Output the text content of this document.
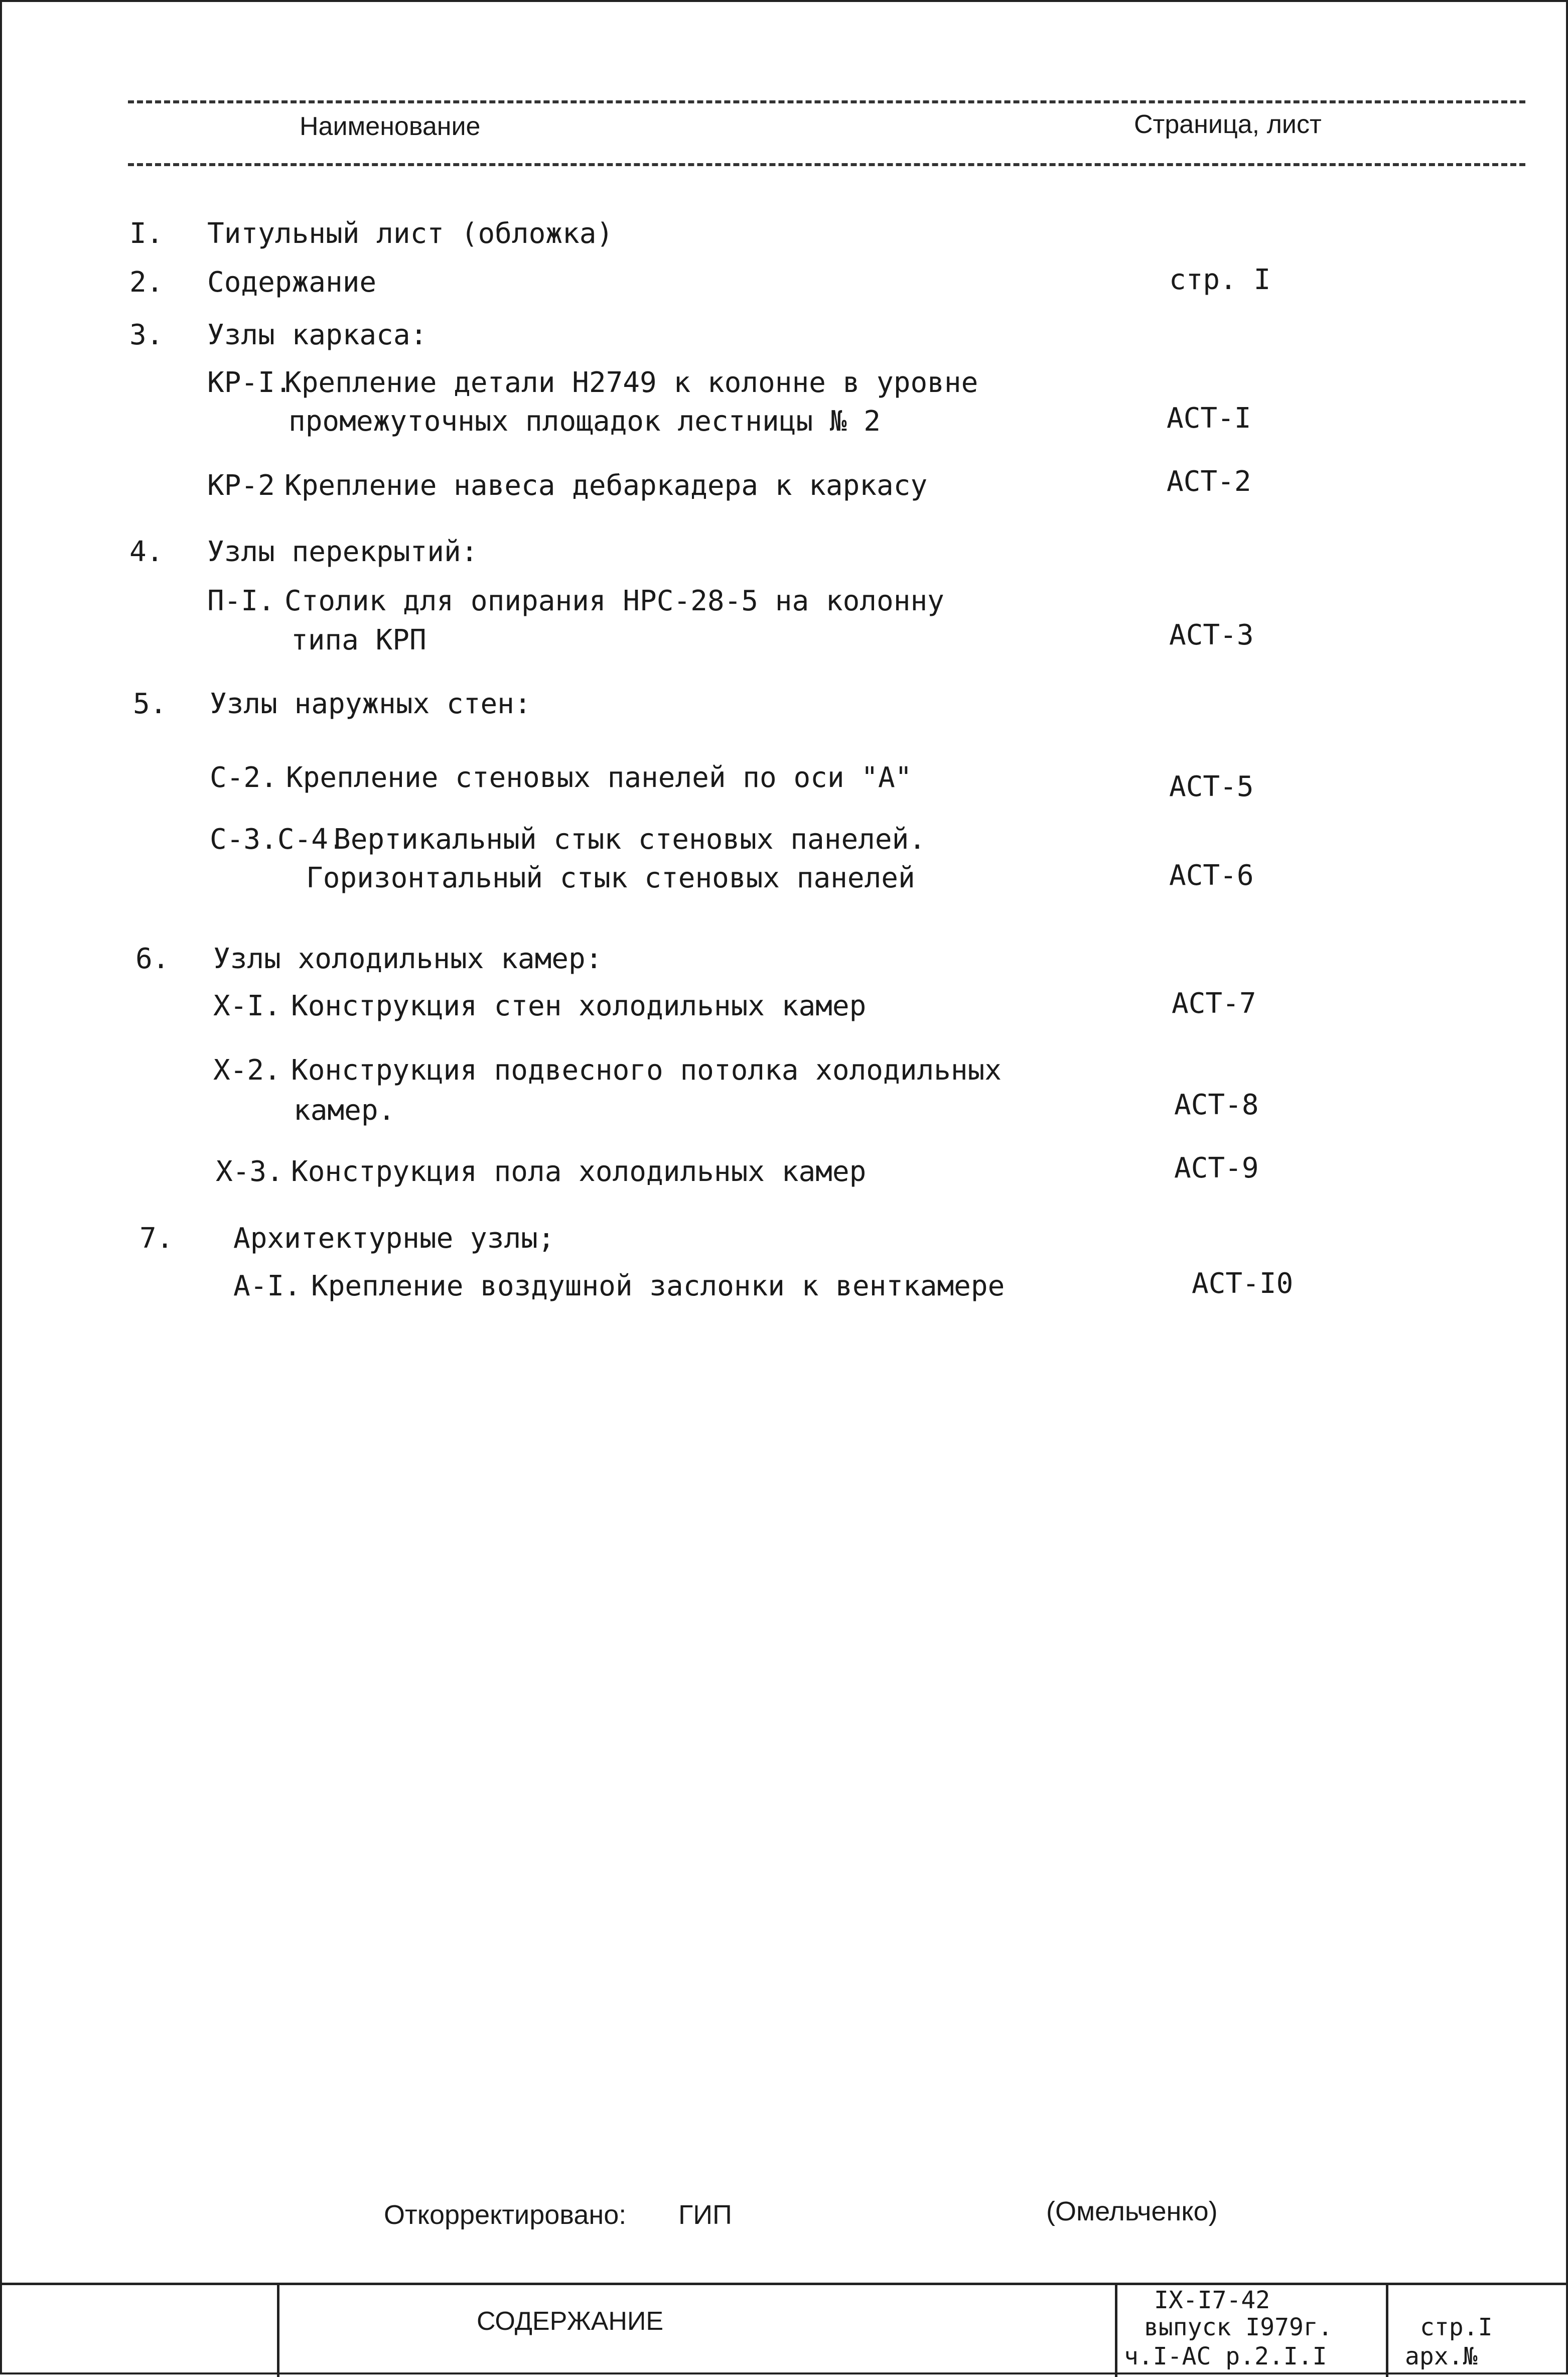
Наименование	Страница, лист
I. Титульный лист (обложка)
2. Содержание	стр. I
3. Узлы каркаса:
КР-I.
Крепление детали Н2749 к колонне в уровне
промежуточных площадок лестницы № 2	АСТ-I
КР-2 Крепление навеса дебаркадера к каркасу	АСТ-2
4. Узлы перекрытий:
П-I. Столик для опирания НРС-28-5 на колонну
типа КРП	АСТ-3
5. Узлы наружных стен:
С-2. Крепление стеновых панелей по оси "А"	АСТ-5
С-3.С-4.
Вертикальный стык стеновых панелей.
Горизонтальный стык стеновых панелей	АСТ-6
6. Узлы холодильных камер:
Х-I. Конструкция стен холодильных камер	АСТ-7
Х-2. Конструкция подвесного потолка холодильных
камер.	АСТ-8
Х-3. Конструкция пола холодильных камер	АСТ-9
7. Архитектурные узлы;
А-I. Крепление воздушной заслонки к венткамере	АСТ-I0
Откорректировано: ГИП	(Омельченко)
СОДЕРЖАНИЕ
IХ-I7-42
выпуск I979г.
ч.I-АС р.2.I.I
стр.I
арх.№
